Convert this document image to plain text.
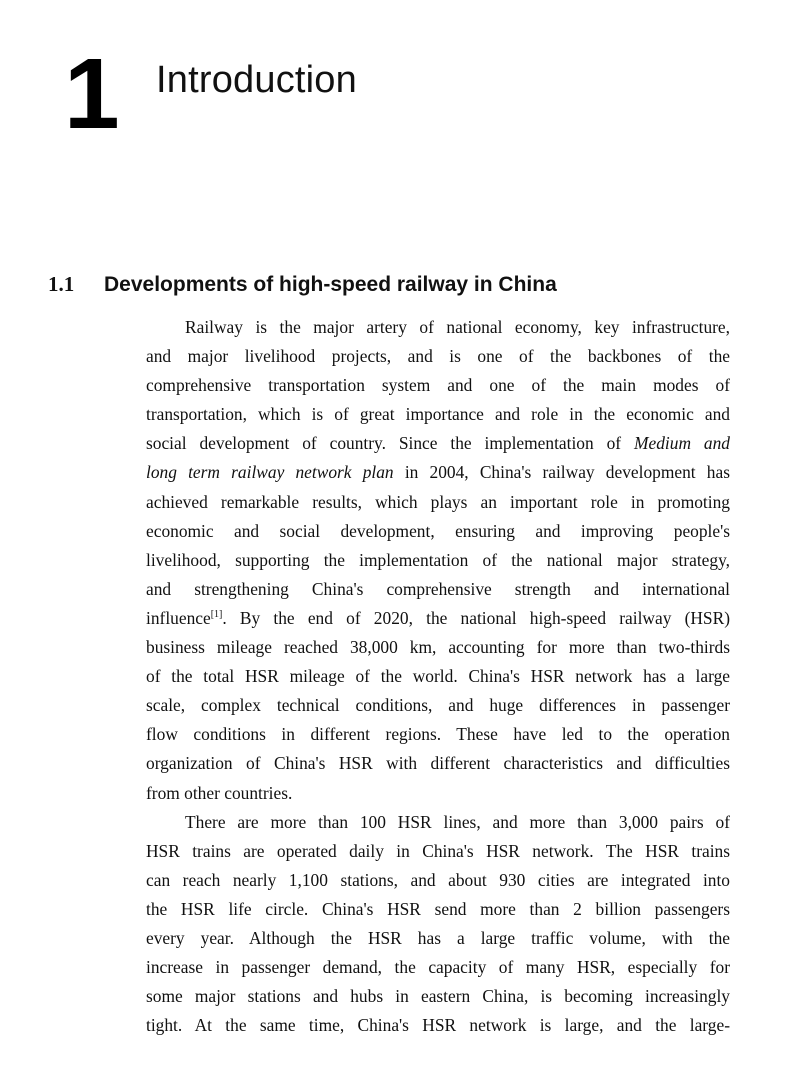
1 Introduction
1.1 Developments of high-speed railway in China
Railway is the major artery of national economy, key infrastructure,
and major livelihood projects, and is one of the backbones of the
comprehensive transportation system and one of the main modes of
transportation, which is of great importance and role in the economic and
social development of country. Since the implementation of Medium and
long term railway network plan in 2004, China's railway development has
achieved remarkable results, which plays an important role in promoting
economic and social development, ensuring and improving people's
livelihood, supporting the implementation of the national major strategy,
and strengthening China's comprehensive strength and international
influence[1]. By the end of 2020, the national high-speed railway (HSR)
business mileage reached 38,000 km, accounting for more than two-thirds
of the total HSR mileage of the world. China's HSR network has a large
scale, complex technical conditions, and huge differences in passenger
flow conditions in different regions. These have led to the operation
organization of China's HSR with different characteristics and difficulties
from other countries.
There are more than 100 HSR lines, and more than 3,000 pairs of
HSR trains are operated daily in China's HSR network. The HSR trains
can reach nearly 1,100 stations, and about 930 cities are integrated into
the HSR life circle. China's HSR send more than 2 billion passengers
every year. Although the HSR has a large traffic volume, with the
increase in passenger demand, the capacity of many HSR, especially for
some major stations and hubs in eastern China, is becoming increasingly
tight. At the same time, China's HSR network is large, and the large-
